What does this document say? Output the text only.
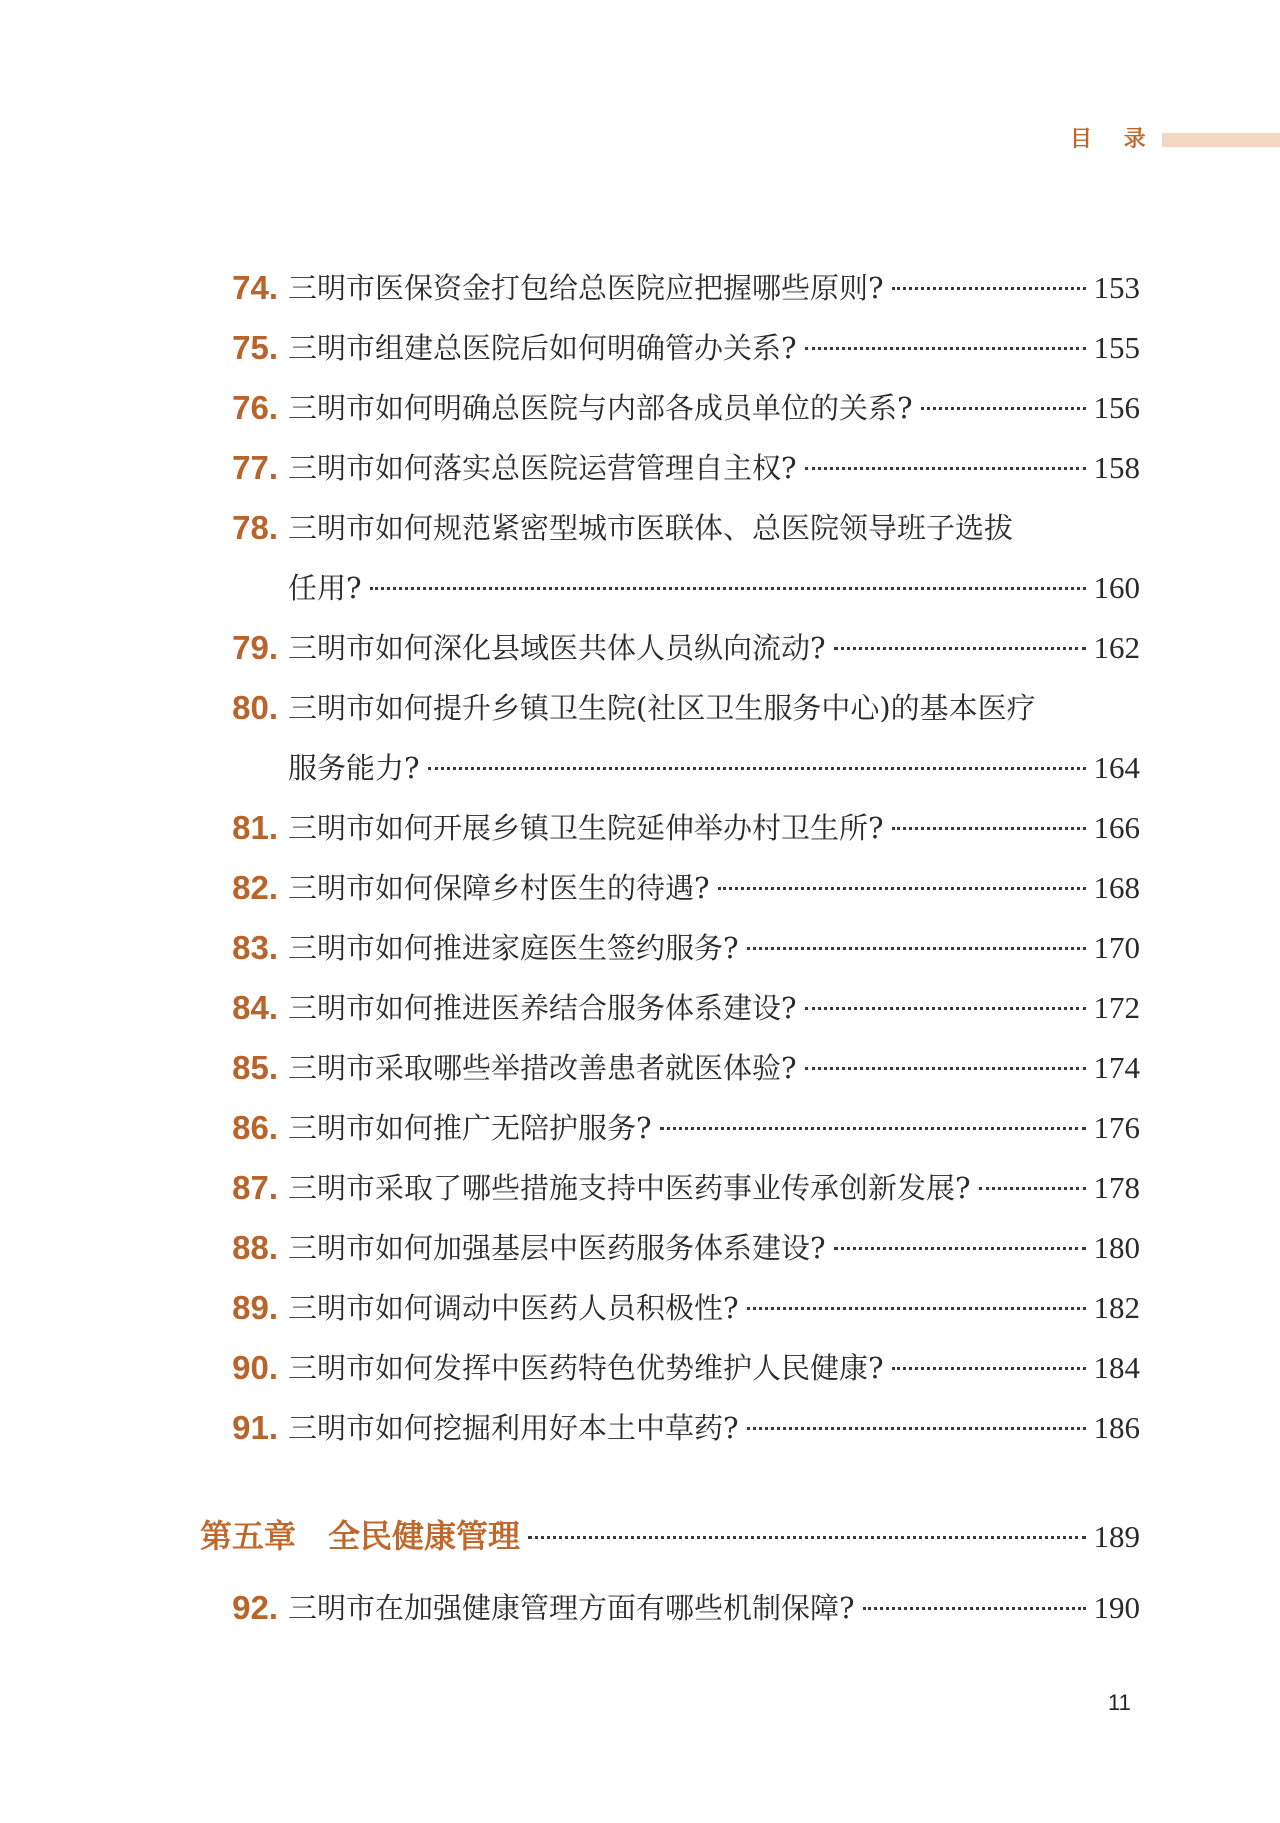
目 录
11
74. 三明市医保资金打包给总医院应把握哪些原则?	153
75. 三明市组建总医院后如何明确管办关系?	155
76. 三明市如何明确总医院与内部各成员单位的关系?	156
77. 三明市如何落实总医院运营管理自主权?	158
78. 三明市如何规范紧密型城市医联体、总医院领导班子选拔
任用?	160
79. 三明市如何深化县域医共体人员纵向流动?	162
80. 三明市如何提升乡镇卫生院(社区卫生服务中心)的基本医疗
服务能力?	164
81. 三明市如何开展乡镇卫生院延伸举办村卫生所?	166
82. 三明市如何保障乡村医生的待遇?	168
83. 三明市如何推进家庭医生签约服务?	170
84. 三明市如何推进医养结合服务体系建设?	172
85. 三明市采取哪些举措改善患者就医体验?	174
86. 三明市如何推广无陪护服务?	176
87. 三明市采取了哪些措施支持中医药事业传承创新发展?	178
88. 三明市如何加强基层中医药服务体系建设?	180
89. 三明市如何调动中医药人员积极性?	182
90. 三明市如何发挥中医药特色优势维护人民健康?	184
91. 三明市如何挖掘利用好本土中草药?	186
第五章　全民健康管理	189
92. 三明市在加强健康管理方面有哪些机制保障?	190
